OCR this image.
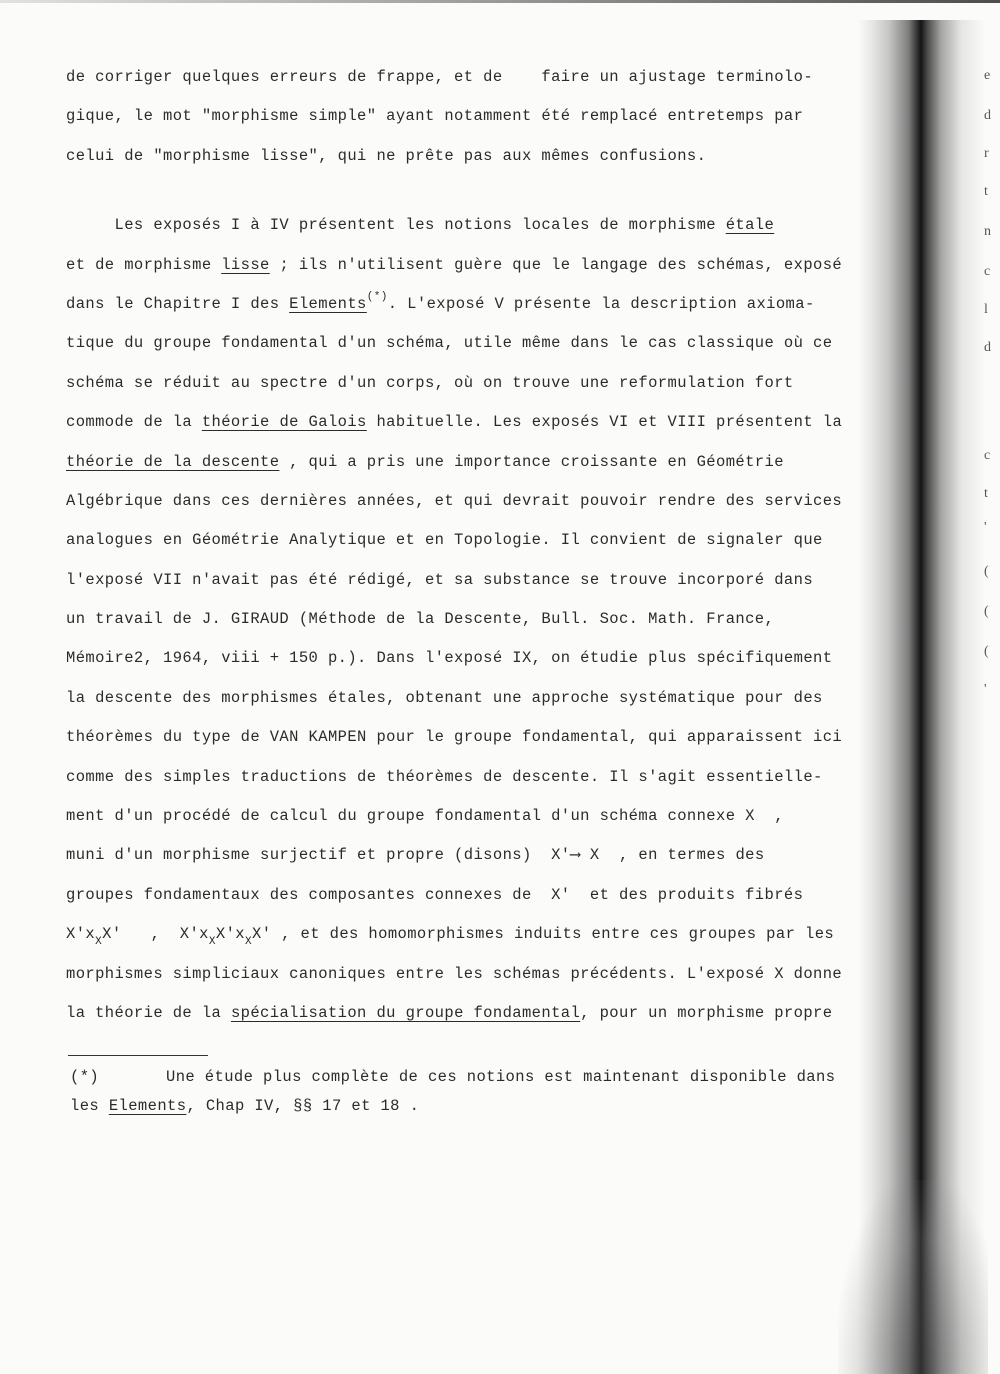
de corriger quelques erreurs de frappe, et de    faire un ajustage terminolo-
gique, le mot "morphisme simple" ayant notamment été remplacé entretemps par
celui de "morphisme lisse", qui ne prête pas aux mêmes confusions.
Les exposés I à IV présentent les notions locales de morphisme étale
et de morphisme lisse ; ils n'utilisent guère que le langage des schémas, exposé
dans le Chapitre I des Elements(*). L'exposé V présente la description axioma-
tique du groupe fondamental d'un schéma, utile même dans le cas classique où ce
schéma se réduit au spectre d'un corps, où on trouve une reformulation fort
commode de la théorie de Galois habituelle. Les exposés VI et VIII présentent la
théorie de la descente , qui a pris une importance croissante en Géométrie
Algébrique dans ces dernières années, et qui devrait pouvoir rendre des services
analogues en Géométrie Analytique et en Topologie. Il convient de signaler que
l'exposé VII n'avait pas été rédigé, et sa substance se trouve incorporé dans
un travail de J. GIRAUD (Méthode de la Descente, Bull. Soc. Math. France,
Mémoire2, 1964, viii + 150 p.). Dans l'exposé IX, on étudie plus spécifiquement
la descente des morphismes étales, obtenant une approche systématique pour des
théorèmes du type de VAN KAMPEN pour le groupe fondamental, qui apparaissent ici
comme des simples traductions de théorèmes de descente. Il s'agit essentielle-
ment d'un procédé de calcul du groupe fondamental d'un schéma connexe X  ,
muni d'un morphisme surjectif et propre (disons)  X'⟶ X  , en termes des
groupes fondamentaux des composantes connexes de  X'  et des produits fibrés
$X'x_XX'$   ,  $X'x_XX'x_XX'$ , et des homomorphismes induits entre ces groupes par les
morphismes simpliciaux canoniques entre les schémas précédents. L'exposé X donne
la théorie de la spécialisation du groupe fondamental, pour un morphisme propre
(*)	Une étude plus complète de ces notions est maintenant disponible dans
les Elements, Chap IV, §§ 17 et 18 .
e
d
r
t
n
c
l
d
c
t
'
(
(
(
'
